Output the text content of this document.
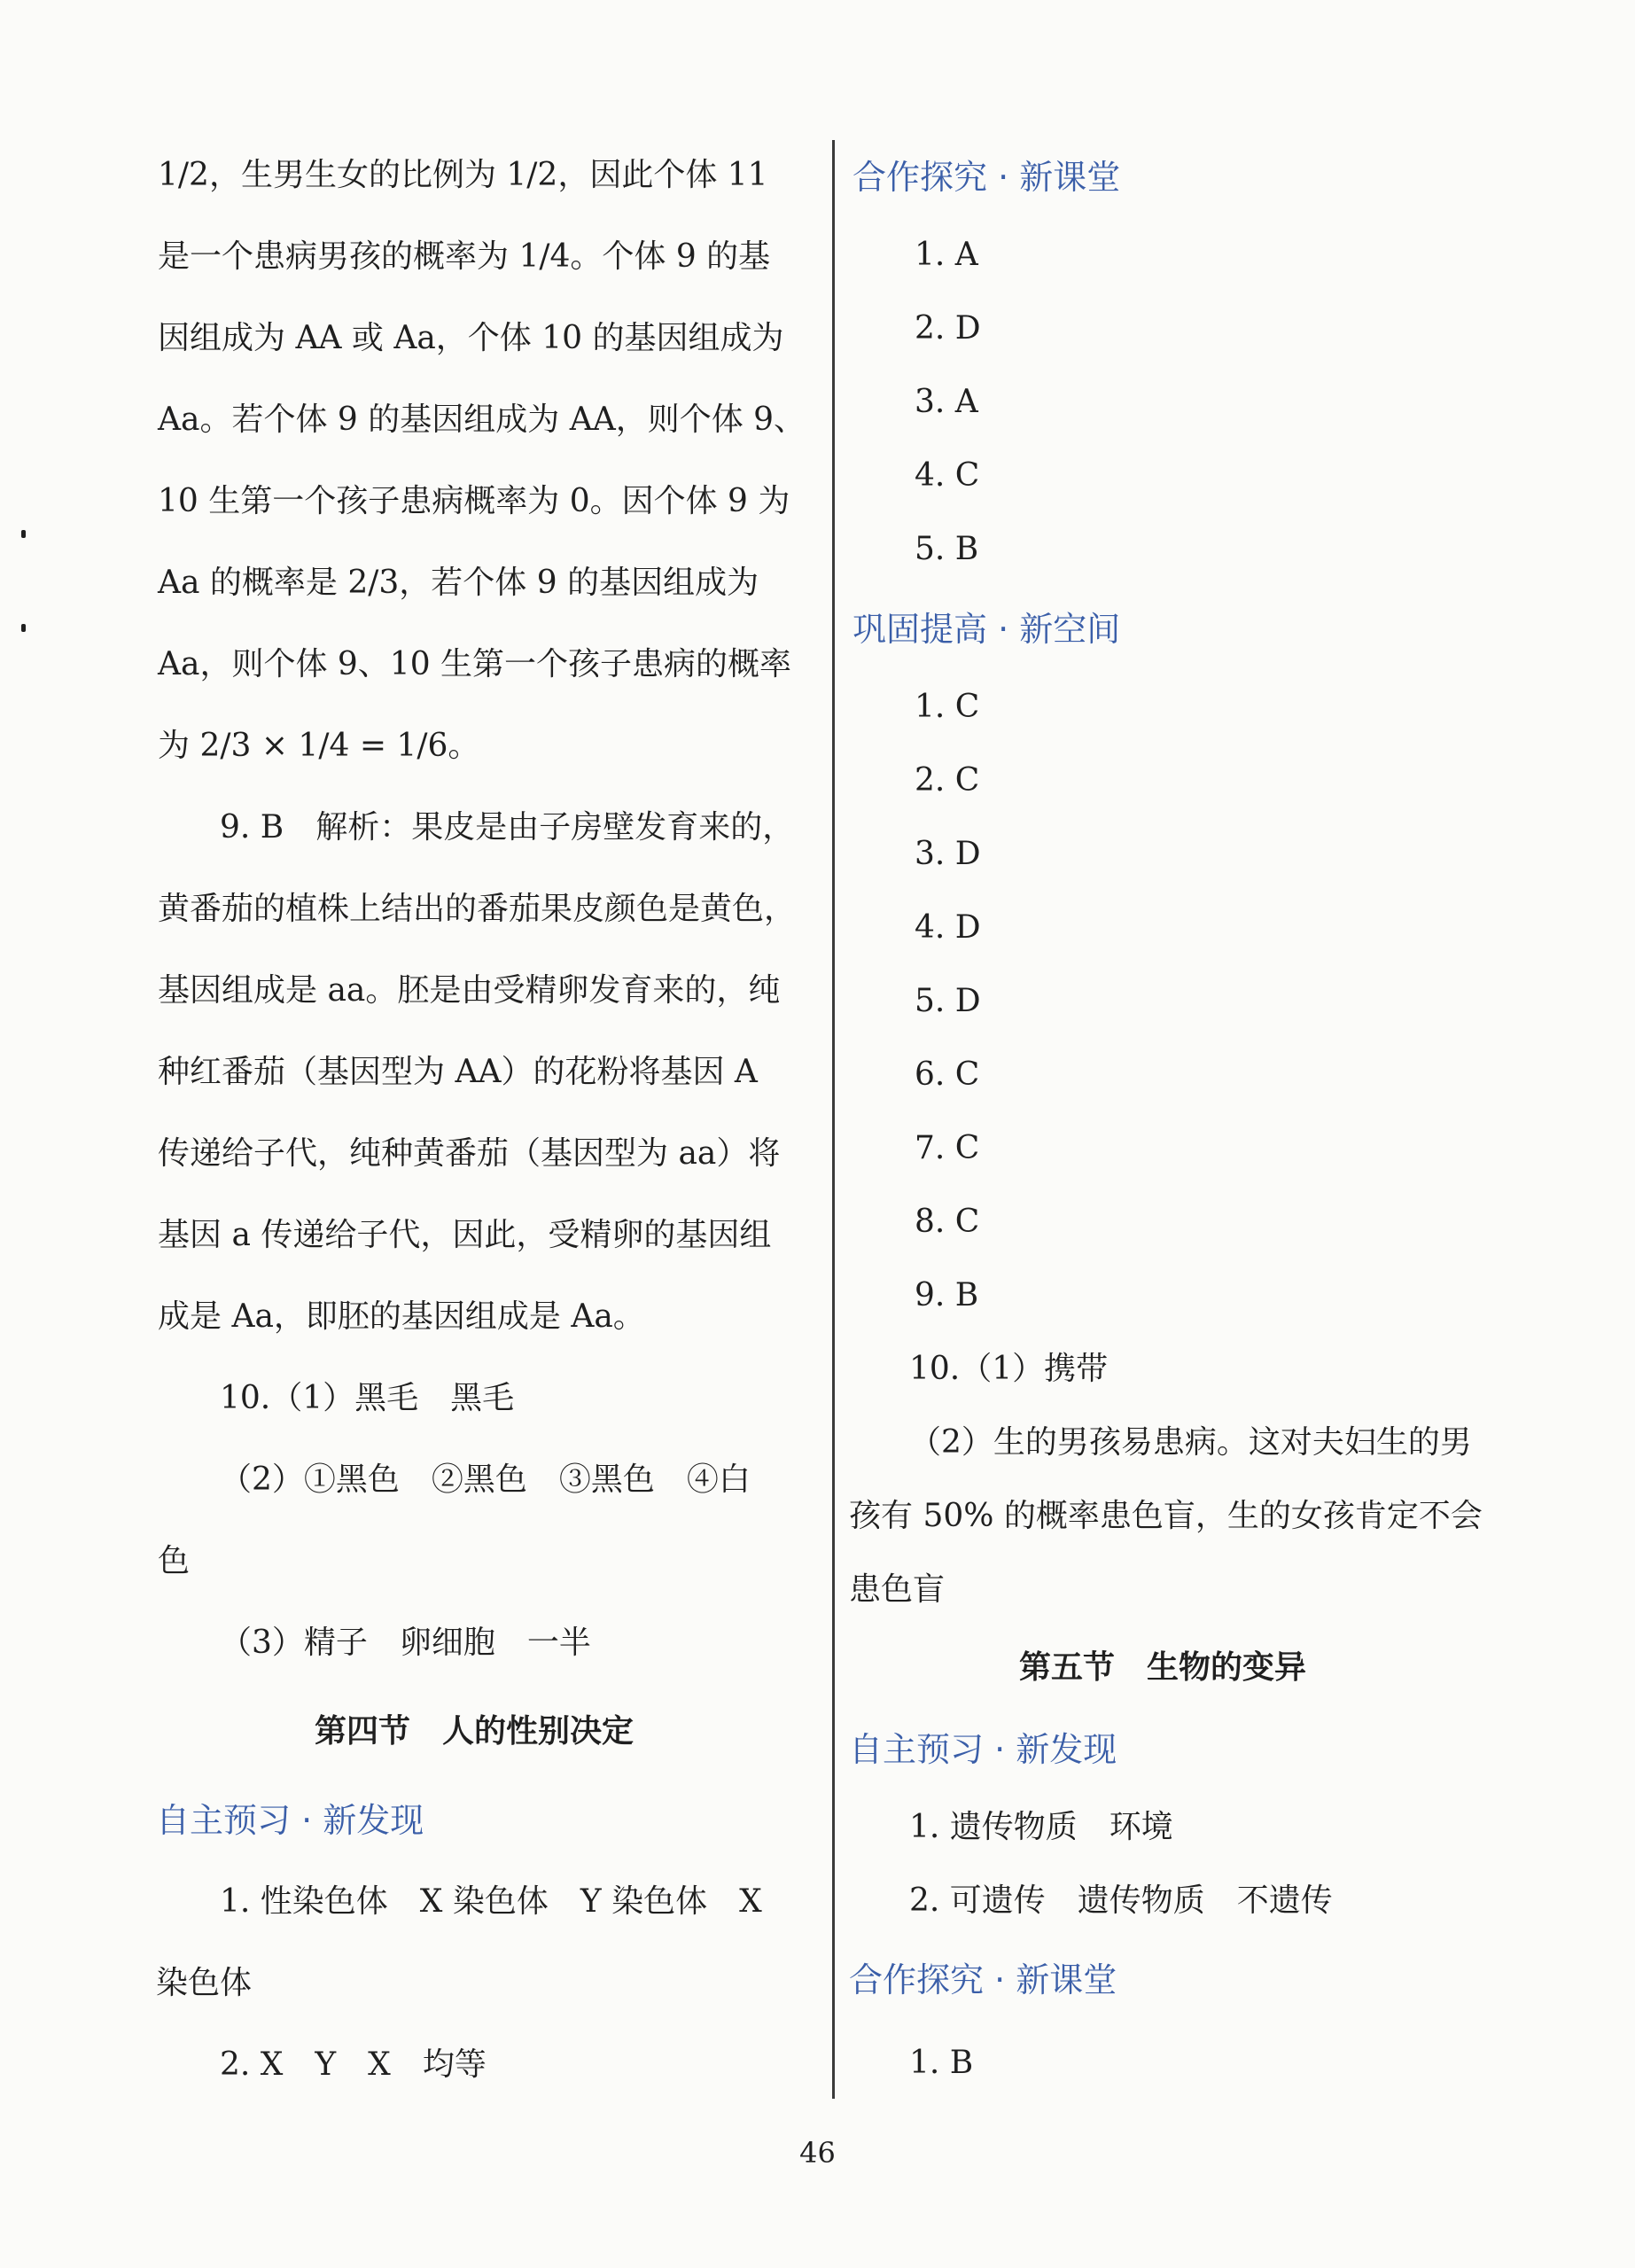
1/2，生男生女的比例为 1/2，因此个体 11
是一个患病男孩的概率为 1/4。个体 9 的基
因组成为 AA 或 Aa，个体 10 的基因组成为
Aa。若个体 9 的基因组成为 AA，则个体 9、
10 生第一个孩子患病概率为 0。因个体 9 为
Aa 的概率是 2/3，若个体 9 的基因组成为
Aa，则个体 9、10 生第一个孩子患病的概率
为 2/3 × 1/4 = 1/6。
9. B　解析：果皮是由子房壁发育来的，
黄番茄的植株上结出的番茄果皮颜色是黄色，
基因组成是 aa。胚是由受精卵发育来的，纯
种红番茄（基因型为 AA）的花粉将基因 A
传递给子代，纯种黄番茄（基因型为 aa）将
基因 a 传递给子代，因此，受精卵的基因组
成是 Aa，即胚的基因组成是 Aa。
10.（1）黑毛　黑毛
（2）①黑色　②黑色　③黑色　④白
色
（3）精子　卵细胞　一半
第四节　人的性别决定
自主预习 · 新发现
1. 性染色体　X 染色体　Y 染色体　X
染色体
2. X　Y　X　均等
合作探究 · 新课堂
1. A
2. D
3. A
4. C
5. B
巩固提高 · 新空间
1. C
2. C
3. D
4. D
5. D
6. C
7. C
8. C
9. B
10.（1）携带
（2）生的男孩易患病。这对夫妇生的男
孩有 50% 的概率患色盲，生的女孩肯定不会
患色盲
第五节　生物的变异
自主预习 · 新发现
1. 遗传物质　环境
2. 可遗传　遗传物质　不遗传
合作探究 · 新课堂
1. B
46
